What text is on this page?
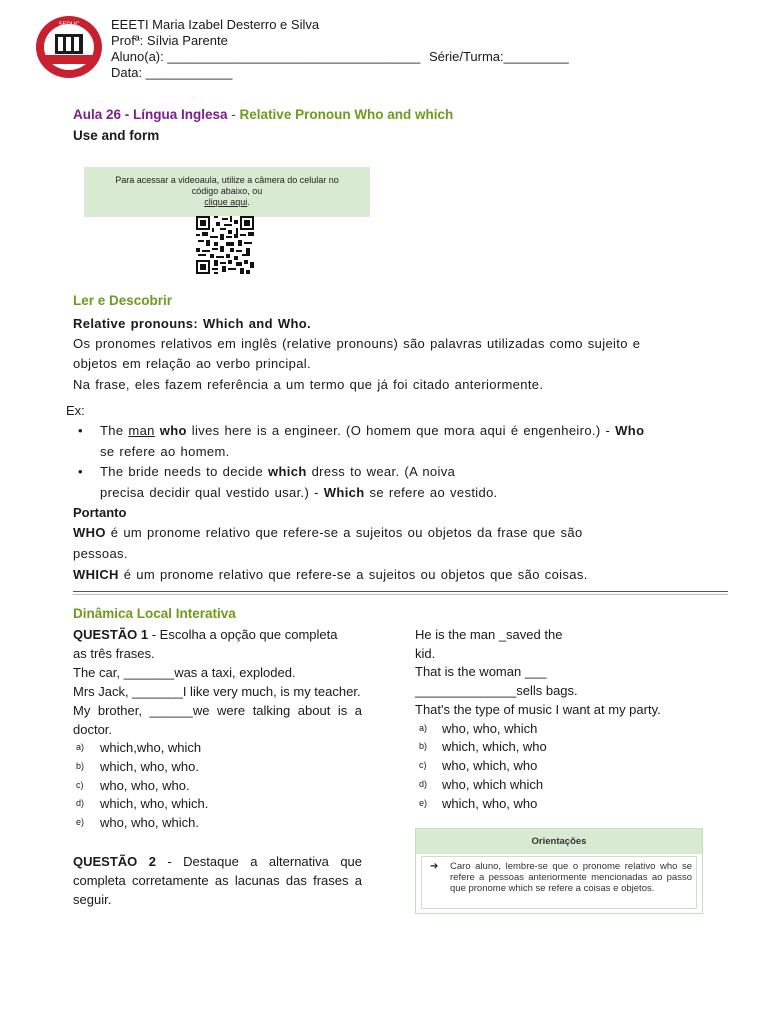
SEDUC EEETI Maria Izabel Desterro e Silva
Profª: Sílvia Parente
Aluno(a): ___________________________________ Série/Turma:_________
Data: ____________
Aula 26 - Língua Inglesa - Relative Pronoun Who and which
Use and form
Para acessar a videoaula, utilize a câmera do celular no
código abaixo, ou
clique aqui.
Ler e Descobrir
Relative pronouns: Which and Who.
Os pronomes relativos em inglês (relative pronouns) são palavras utilizadas como sujeito e
objetos em relação ao verbo principal.
Na frase, eles fazem referência a um termo que já foi citado anteriormente.
Ex:
• The man who lives here is a engineer. (O homem que mora aqui é engenheiro.) - Who
se refere ao homem.
• The bride needs to decide which dress to wear. (A noiva
precisa decidir qual vestido usar.) - Which se refere ao vestido.
Portanto
WHO é um pronome relativo que refere-se a sujeitos ou objetos da frase que são
pessoas.
WHICH é um pronome relativo que refere-se a sujeitos ou objetos que são coisas.
Dinâmica Local Interativa
QUESTÃO 1 - Escolha a opção que completa
as três frases.
The car, _______was a taxi, exploded.
Mrs Jack, _______I like very much, is my teacher.
My brother, ______we were talking about is a
doctor.
a) which,who, which
b) which, who, who.
c) who, who, who.
d) which, who, which.
e) who, who, which.
QUESTÃO 2 - Destaque a alternativa que
completa corretamente as lacunas das frases a
seguir.
He is the man _saved the
kid.
That is the woman ___
______________sells bags.
That's the type of music I want at my party.
a) who, who, which
b) which, which, who
c) who, which, who
d) who, which which
e) which, who, who
Orientações
➔ Caro aluno, lembre-se que o pronome relativo who se refere a pessoas anteriormente mencionadas ao passo que pronome which se refere a coisas e objetos.
